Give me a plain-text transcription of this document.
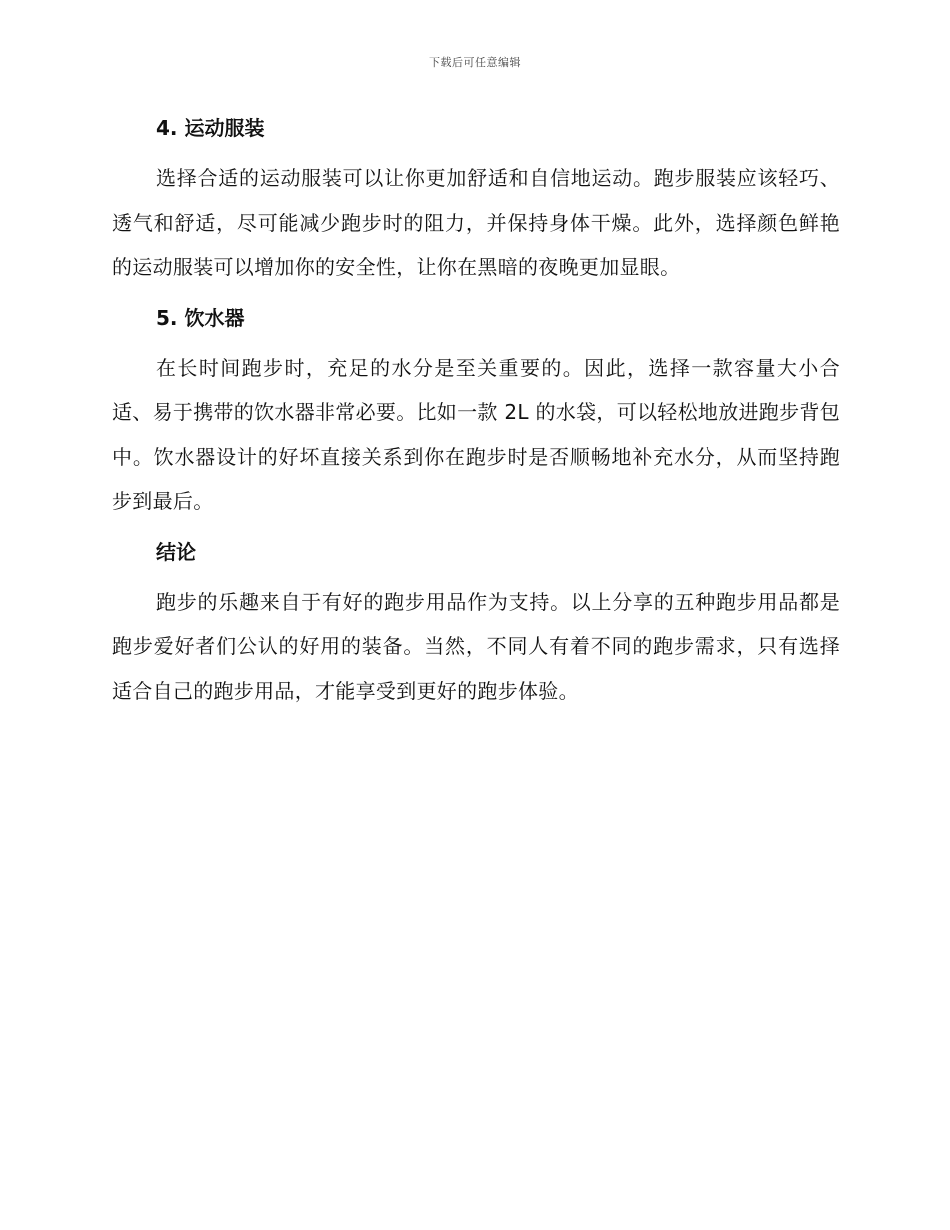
下载后可任意编辑
4. 运动服装

选择合适的运动服装可以让你更加舒适和自信地运动。跑步服装应该轻巧、透气和舒适，尽可能减少跑步时的阻力，并保持身体干燥。此外，选择颜色鲜艳的运动服装可以增加你的安全性，让你在黑暗的夜晚更加显眼。

5. 饮水器

在长时间跑步时，充足的水分是至关重要的。因此，选择一款容量大小合适、易于携带的饮水器非常必要。比如一款 2L 的水袋，可以轻松地放进跑步背包中。饮水器设计的好坏直接关系到你在跑步时是否顺畅地补充水分，从而坚持跑步到最后。

结论

跑步的乐趣来自于有好的跑步用品作为支持。以上分享的五种跑步用品都是跑步爱好者们公认的好用的装备。当然，不同人有着不同的跑步需求，只有选择适合自己的跑步用品，才能享受到更好的跑步体验。
